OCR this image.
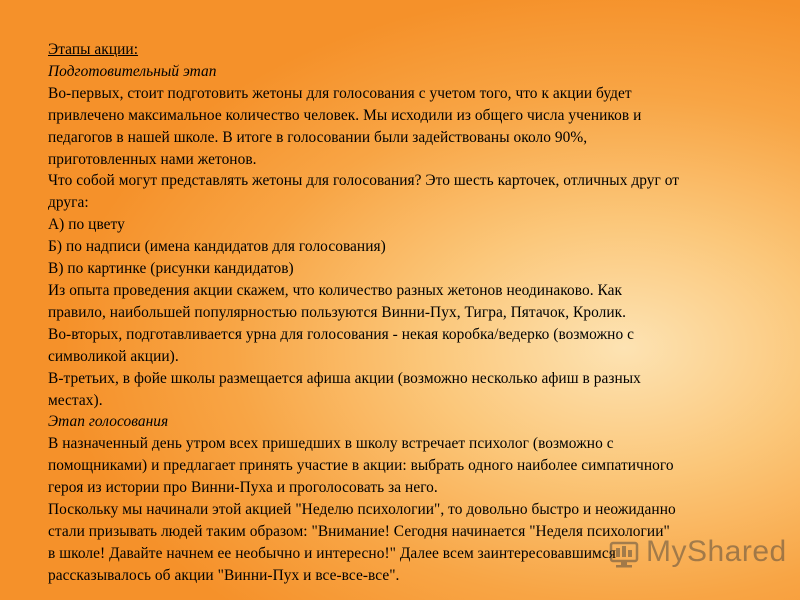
Этапы акции:
Подготовительный этап
Во-первых, стоит подготовить жетоны для голосования с учетом того, что к акции будет
привлечено максимальное количество человек. Мы исходили из общего числа учеников и
педагогов в нашей школе. В итоге в голосовании были задействованы около 90%,
приготовленных нами жетонов.
Что собой могут представлять жетоны для голосования? Это шесть карточек, отличных друг от
друга:
А) по цвету
Б) по надписи (имена кандидатов для голосования)
В) по картинке (рисунки кандидатов)
Из опыта проведения акции скажем, что количество разных жетонов неодинаково. Как
правило, наибольшей популярностью пользуются Винни-Пух, Тигра, Пятачок, Кролик.
Во-вторых, подготавливается урна для голосования - некая коробка/ведерко (возможно с
символикой акции).
В-третьих, в фойе школы размещается афиша акции (возможно несколько афиш в разных
местах).
Этап голосования
В назначенный день утром всех пришедших в школу встречает психолог (возможно с
помощниками) и предлагает принять участие в акции: выбрать одного наиболее симпатичного
героя из истории про Винни-Пуха и проголосовать за него.
Поскольку мы начинали этой акцией "Неделю психологии", то довольно быстро и неожиданно
стали призывать людей таким образом: "Внимание! Сегодня начинается "Неделя психологии"
в школе! Давайте начнем ее необычно и интересно!" Далее всем заинтересовавшимся
рассказывалось об акции "Винни-Пух и все-все-все".
MyShared
